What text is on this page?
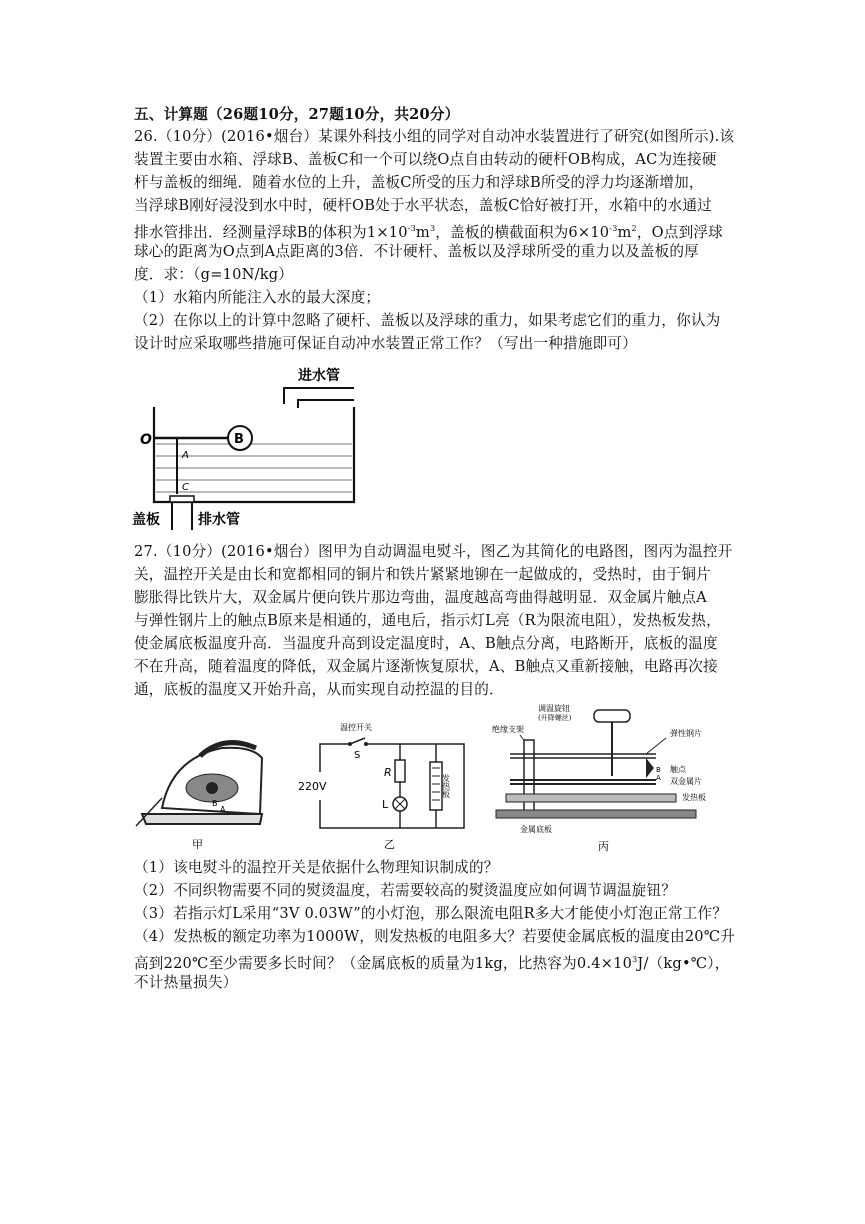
五、计算题（26题10分，27题10分，共20分）
26.（10分）(2016•烟台）某课外科技小组的同学对自动冲水装置进行了研究(如图所示).该
装置主要由水箱、浮球B、盖板C和一个可以绕O点自由转动的硬杆OB构成，AC为连接硬
杆与盖板的细绳．随着水位的上升，盖板C所受的压力和浮球B所受的浮力均逐渐增加，
当浮球B刚好浸没到水中时，硬杆OB处于水平状态，盖板C恰好被打开，水箱中的水通过
排水管排出．经测量浮球B的体积为$1\times 10^{-3}m^3$，盖板的横截面积为$6\times 10^{-3}m^2$，O点到浮球
球心的距离为O点到A点距离的3倍．不计硬杆、盖板以及浮球所受的重力以及盖板的厚
度．求：（g=10N/kg）
（1）水箱内所能注入水的最大深度；
（2）在你以上的计算中忽略了硬杆、盖板以及浮球的重力，如果考虑它们的重力，你认为
设计时应采取哪些措施可保证自动冲水装置正常工作？（写出一种措施即可）
进水管
O	B
A
C
盖板	排水管
27.（10分）(2016•烟台）图甲为自动调温电熨斗，图乙为其简化的电路图，图丙为温控开
关，温控开关是由长和宽都相同的铜片和铁片紧紧地铆在一起做成的，受热时，由于铜片
膨胀得比铁片大，双金属片便向铁片那边弯曲，温度越高弯曲得越明显．双金属片触点A
与弹性钢片上的触点B原来是相通的，通电后，指示灯L亮（R为限流电阻），发热板发热，
使金属底板温度升高．当温度升高到设定温度时，A、B触点分离，电路断开，底板的温度
不在升高，随着温度的降低，双金属片逐渐恢复原状，A、B触点又重新接触，电路再次接
通，底板的温度又开始升高，从而实现自动控温的目的．
B
A
甲
温控开关
S
220V
R
L
发热板
乙
调温旋钮
(升降螺丝)
绝缘支架	弹性钢片
B
A
触点
双金属片
发热板
金属底板
丙
（1）该电熨斗的温控开关是依据什么物理知识制成的？
（2）不同织物需要不同的熨烫温度，若需要较高的熨烫温度应如何调节调温旋钮？
（3）若指示灯L采用“3V 0.03W”的小灯泡，那么限流电阻R多大才能使小灯泡正常工作？
（4）发热板的额定功率为1000W，则发热板的电阻多大？若要使金属底板的温度由20℃升
高到220℃至少需要多长时间？（金属底板的质量为1kg，比热容为$0.4\times 10^3J/(kg•℃)$，
不计热量损失）
